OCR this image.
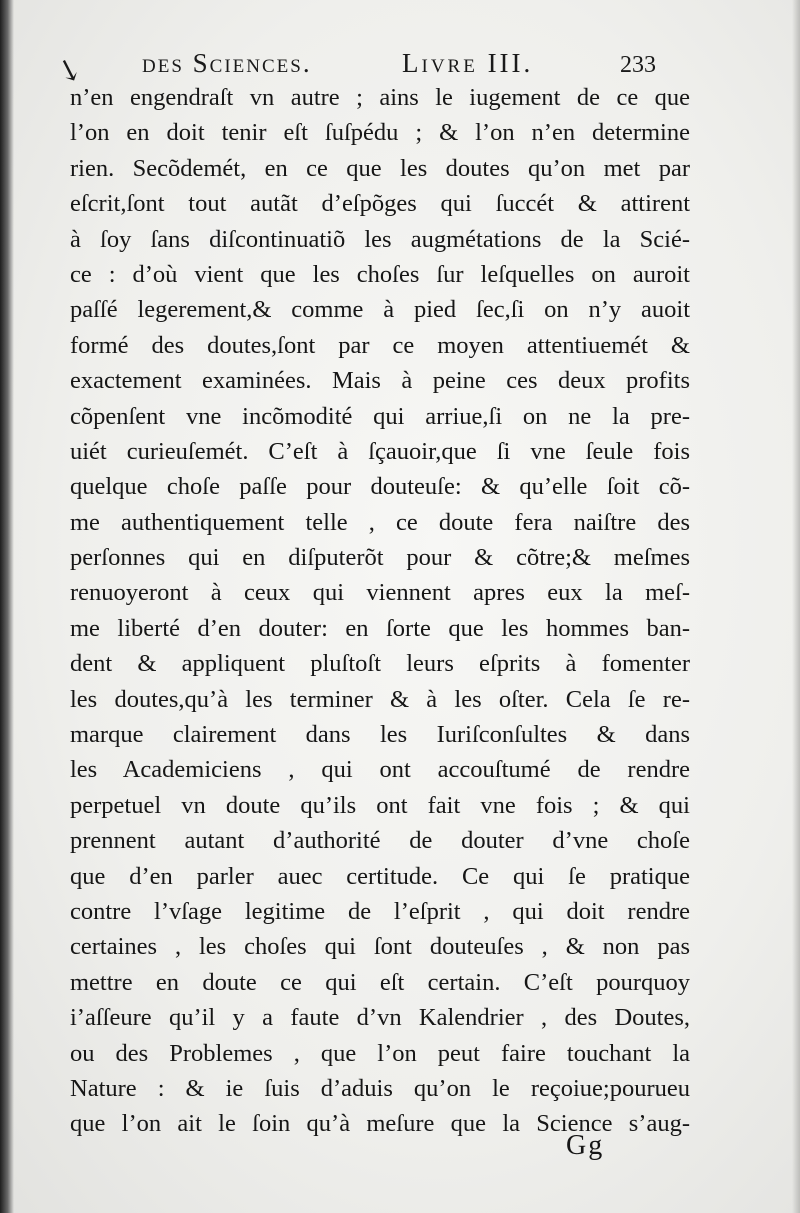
↘ des Sciences.	Livre III.	233
n’en engendraſt vn autre ; ains le iugement de ce que
l’on en doit tenir eſt ſuſpédu ; & l’on n’en determine
rien. Secõdemét, en ce que les doutes qu’on met par
eſcrit,ſont tout autãt d’eſpõges qui ſuccét & attirent
à ſoy ſans diſcontinuatiõ les augmétations de la Scié-
ce : d’où vient que les choſes ſur leſquelles on auroit
paſſé legerement,& comme à pied ſec,ſi on n’y auoit
formé des doutes,ſont par ce moyen attentiuemét &
exactement examinées. Mais à peine ces deux profits
cõpenſent vne incõmodité qui arriue,ſi on ne la pre-
uiét curieuſemét. C’eſt à ſçauoir,que ſi vne ſeule fois
quelque choſe paſſe pour douteuſe: & qu’elle ſoit cõ-
me authentiquement telle , ce doute fera naiſtre des
perſonnes qui en diſputerõt pour & cõtre;& meſmes
renuoyeront à ceux qui viennent apres eux la meſ-
me liberté d’en douter: en ſorte que les hommes ban-
dent & appliquent pluſtoſt leurs eſprits à fomenter
les doutes,qu’à les terminer & à les oſter. Cela ſe re-
marque clairement dans les Iuriſconſultes & dans
les Academiciens , qui ont accouſtumé de rendre
perpetuel vn doute qu’ils ont fait vne fois ; & qui
prennent autant d’authorité de douter d’vne choſe
que d’en parler auec certitude. Ce qui ſe pratique
contre l’vſage legitime de l’eſprit , qui doit rendre
certaines , les choſes qui ſont douteuſes , & non pas
mettre en doute ce qui eſt certain. C’eſt pourquoy
i’aſſeure qu’il y a faute d’vn Kalendrier , des Doutes,
ou des Problemes , que l’on peut faire touchant la
Nature : & ie ſuis d’aduis qu’on le reçoiue;pourueu
que l’on ait le ſoin qu’à meſure que la Science s’aug-
Gg
